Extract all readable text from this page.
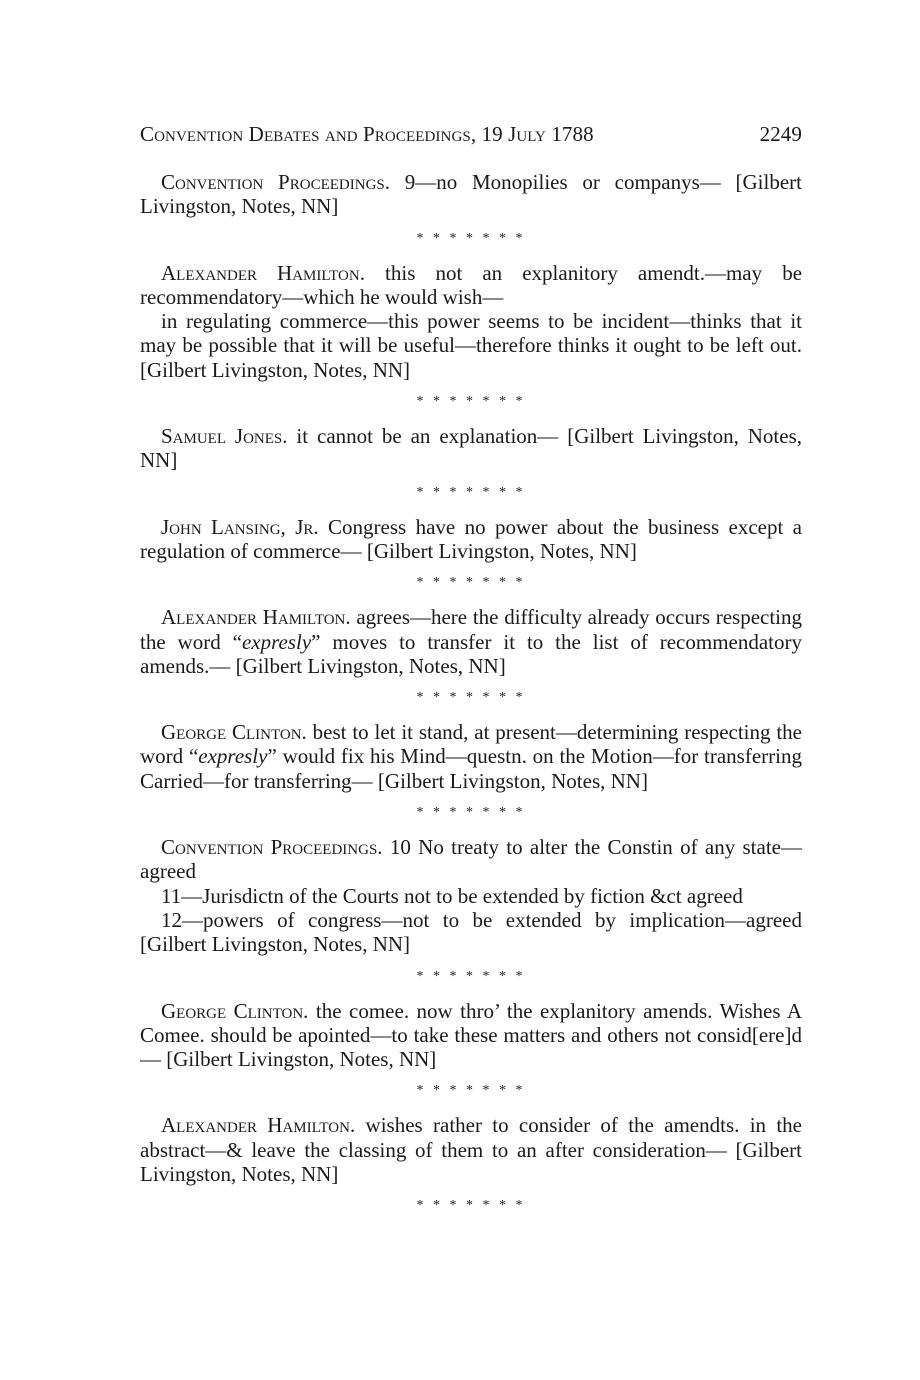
Convention Debates and Proceedings, 19 July 1788	2249

Convention Proceedings. 9—no Monopilies or companys— [Gilbert Livingston, Notes, NN]

* * * * * * *

Alexander Hamilton. this not an explanitory amendt.—may be recommendatory—which he would wish—

in regulating commerce—this power seems to be incident—thinks that it may be possible that it will be useful—therefore thinks it ought to be left out. [Gilbert Livingston, Notes, NN]

* * * * * * *

Samuel Jones. it cannot be an explanation— [Gilbert Livingston, Notes, NN]

* * * * * * *

John Lansing, Jr. Congress have no power about the business except a regulation of commerce— [Gilbert Livingston, Notes, NN]

* * * * * * *

Alexander Hamilton. agrees—here the difficulty already occurs respecting the word “expresly” moves to transfer it to the list of recommendatory amends.— [Gilbert Livingston, Notes, NN]

* * * * * * *

George Clinton. best to let it stand, at present—determining respecting the word “expresly” would fix his Mind—questn. on the Motion—for transferring Carried—for transferring— [Gilbert Livingston, Notes, NN]

* * * * * * *

Convention Proceedings. 10 No treaty to alter the Constin of any state—agreed

11—Jurisdictn of the Courts not to be extended by fiction &ct agreed

12—powers of congress—not to be extended by implication—agreed [Gilbert Livingston, Notes, NN]

* * * * * * *

George Clinton. the comee. now thro’ the explanitory amends. Wishes A Comee. should be apointed—to take these matters and others not consid[ere]d— [Gilbert Livingston, Notes, NN]

* * * * * * *

Alexander Hamilton. wishes rather to consider of the amendts. in the abstract—& leave the classing of them to an after consideration— [Gilbert Livingston, Notes, NN]

* * * * * * *
